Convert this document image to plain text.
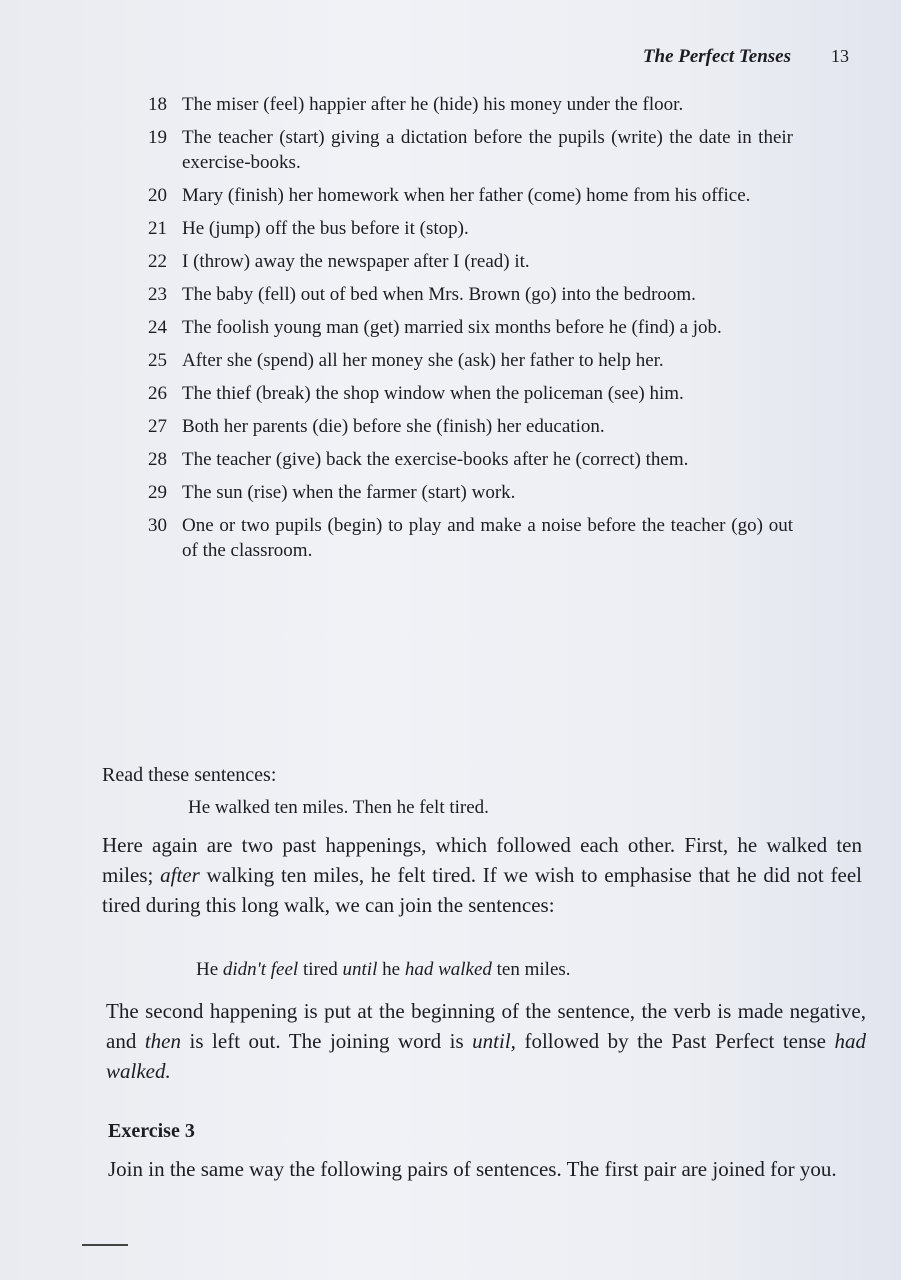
The Perfect Tenses 13
18 The miser (feel) happier after he (hide) his money under the floor.
19 The teacher (start) giving a dictation before the pupils (write) the date in their exercise-books.
20 Mary (finish) her homework when her father (come) home from his office.
21 He (jump) off the bus before it (stop).
22 I (throw) away the newspaper after I (read) it.
23 The baby (fell) out of bed when Mrs. Brown (go) into the bedroom.
24 The foolish young man (get) married six months before he (find) a job.
25 After she (spend) all her money she (ask) her father to help her.
26 The thief (break) the shop window when the policeman (see) him.
27 Both her parents (die) before she (finish) her education.
28 The teacher (give) back the exercise-books after he (correct) them.
29 The sun (rise) when the farmer (start) work.
30 One or two pupils (begin) to play and make a noise before the teacher (go) out of the classroom.

Read these sentences:

He walked ten miles. Then he felt tired.

Here again are two past happenings, which followed each other. First, he walked ten miles; after walking ten miles, he felt tired. If we wish to emphasise that he did not feel tired during this long walk, we can join the sentences:

He didn't feel tired until he had walked ten miles.

The second happening is put at the beginning of the sentence, the verb is made negative, and then is left out. The joining word is until, followed by the Past Perfect tense had walked.

Exercise 3

Join in the same way the following pairs of sentences. The first pair are joined for you.
